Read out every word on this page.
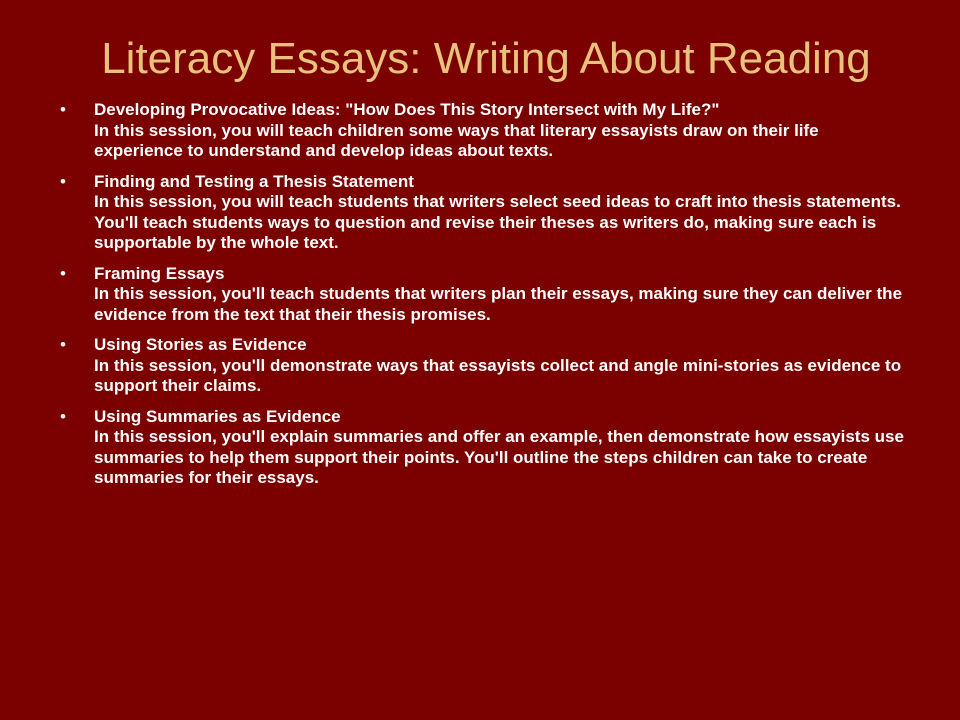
Literacy Essays: Writing About Reading
• Developing Provocative Ideas: "How Does This Story Intersect with My Life?"
In this session, you will teach children some ways that literary essayists draw on their life experience to understand and develop ideas about texts.
• Finding and Testing a Thesis Statement
In this session, you will teach students that writers select seed ideas to craft into thesis statements. You'll teach students ways to question and revise their theses as writers do, making sure each is supportable by the whole text.
• Framing Essays
In this session, you'll teach students that writers plan their essays, making sure they can deliver the evidence from the text that their thesis promises.
• Using Stories as Evidence
In this session, you'll demonstrate ways that essayists collect and angle mini-stories as evidence to support their claims.
• Using Summaries as Evidence
In this session, you'll explain summaries and offer an example, then demonstrate how essayists use summaries to help them support their points. You'll outline the steps children can take to create summaries for their essays.
